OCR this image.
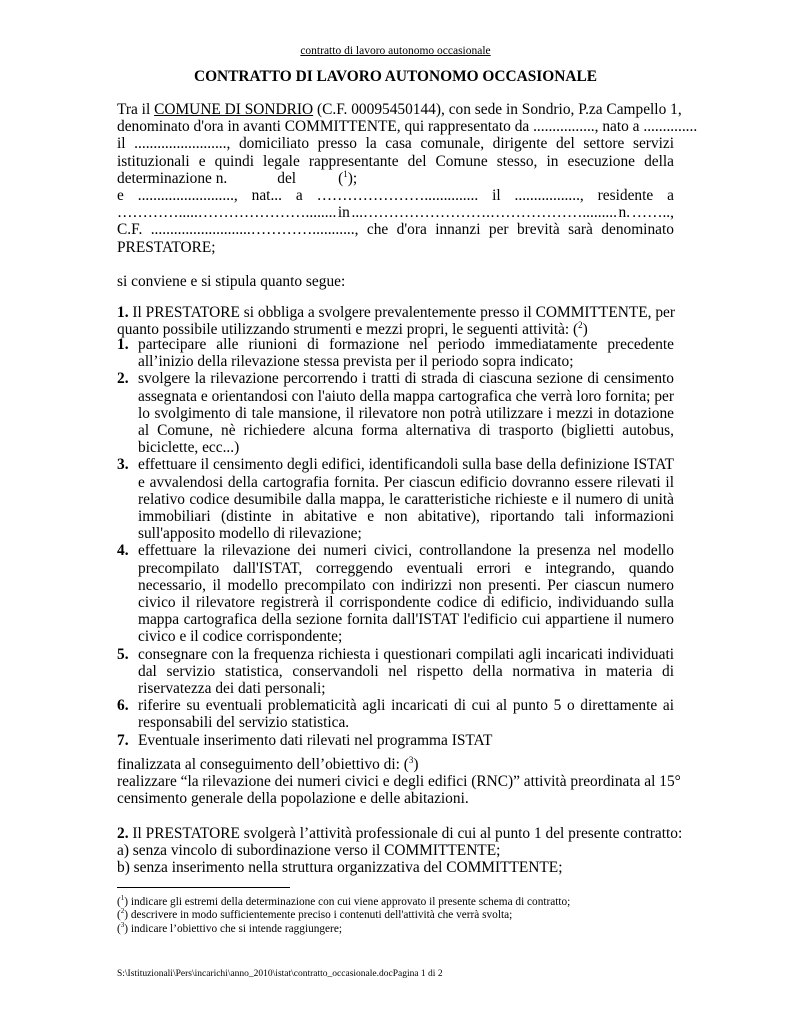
contratto di lavoro autonomo occasionale
CONTRATTO DI LAVORO AUTONOMO OCCASIONALE
Tra il COMUNE DI SONDRIO (C.F. 00095450144), con sede in Sondrio, P.za Campello 1,
denominato d'ora in avanti COMMITTENTE, qui rappresentato da ................, nato a ..............
il ........................, domiciliato presso la casa comunale, dirigente del settore servizi
istituzionali e quindi legale rappresentante del Comune stesso, in esecuzione della
determinazione n.	del	($^1$);
e ........................., nat... a ………………….............. il ................., residente a
………….....…………………........ in ...…………………….………………......... n. ……..,
C.F. ..........................…………..........., che d'ora innanzi per brevità sarà denominato
PRESTATORE;
si conviene e si stipula quanto segue:
1. Il PRESTATORE si obbliga a svolgere prevalentemente presso il COMMITTENTE, per
quanto possibile utilizzando strumenti e mezzi propri, le seguenti attività: ($^2$)
1. partecipare alle riunioni di formazione nel periodo immediatamente precedente all’inizio della rilevazione stessa prevista per il periodo sopra indicato;
2. svolgere la rilevazione percorrendo i tratti di strada di ciascuna sezione di censimento assegnata e orientandosi con l'aiuto della mappa cartografica che verrà loro fornita; per lo svolgimento di tale mansione, il rilevatore non potrà utilizzare i mezzi in dotazione al Comune, nè richiedere alcuna forma alternativa di trasporto (biglietti autobus, biciclette, ecc...)
3. effettuare il censimento degli edifici, identificandoli sulla base della definizione ISTAT e avvalendosi della cartografia fornita. Per ciascun edificio dovranno essere rilevati il relativo codice desumibile dalla mappa, le caratteristiche richieste e il numero di unità immobiliari (distinte in abitative e non abitative), riportando tali informazioni sull'apposito modello di rilevazione;
4. effettuare la rilevazione dei numeri civici, controllandone la presenza nel modello precompilato dall'ISTAT, correggendo eventuali errori e integrando, quando necessario, il modello precompilato con indirizzi non presenti. Per ciascun numero civico il rilevatore registrerà il corrispondente codice di edificio, individuando sulla mappa cartografica della sezione fornita dall'ISTAT l'edificio cui appartiene il numero civico e il codice corrispondente;
5. consegnare con la frequenza richiesta i questionari compilati agli incaricati individuati dal servizio statistica, conservandoli nel rispetto della normativa in materia di riservatezza dei dati personali;
6. riferire su eventuali problematicità agli incaricati di cui al punto 5 o direttamente ai responsabili del servizio statistica.
7. Eventuale inserimento dati rilevati nel programma ISTAT
finalizzata al conseguimento dell’obiettivo di: ($^3$)
realizzare “la rilevazione dei numeri civici e degli edifici (RNC)” attività preordinata al 15°
censimento generale della popolazione e delle abitazioni.
2. Il PRESTATORE svolgerà l’attività professionale di cui al punto 1 del presente contratto:
a) senza vincolo di subordinazione verso il COMMITTENTE;
b) senza inserimento nella struttura organizzativa del COMMITTENTE;
($^1$) indicare gli estremi della determinazione con cui viene approvato il presente schema di contratto;
($^2$) descrivere in modo sufficientemente preciso i contenuti dell'attività che verrà svolta;
($^3$) indicare l’obiettivo che si intende raggiungere;
S:\Istituzionali\Pers\incarichi\anno_2010\istat\contratto_occasionale.docPagina 1 di 2
